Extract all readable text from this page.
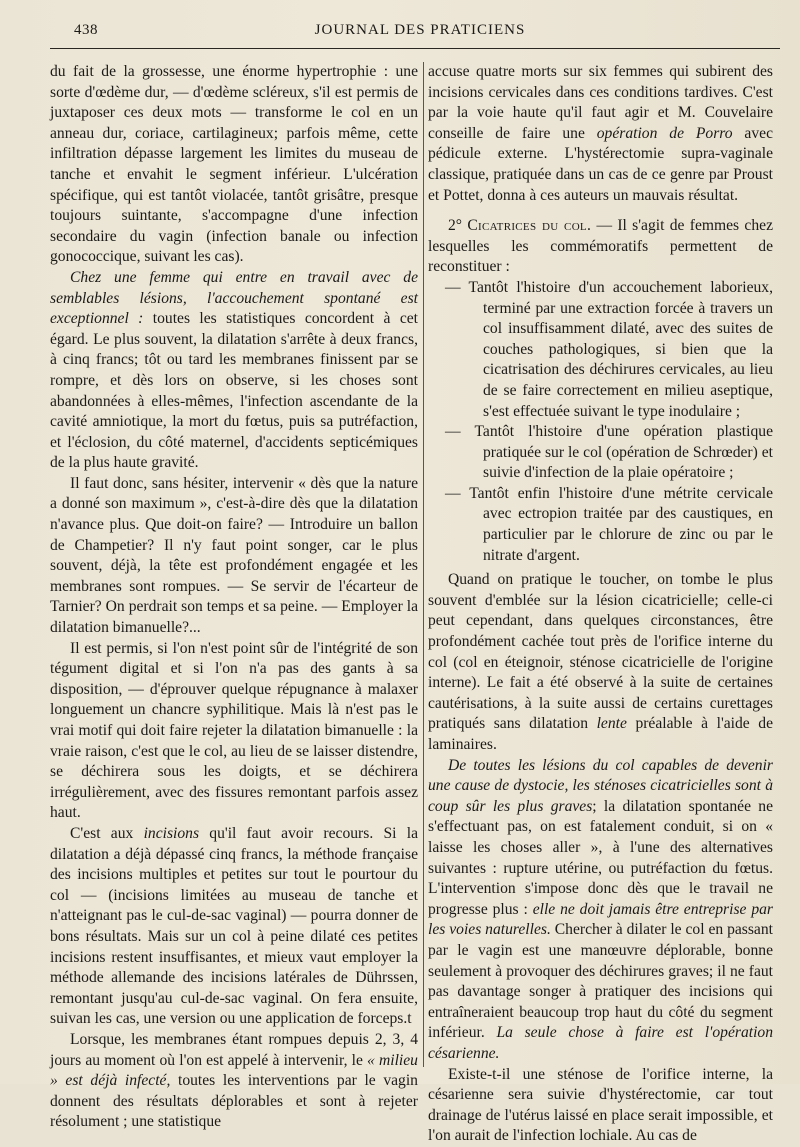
438	JOURNAL DES PRATICIENS

du fait de la grossesse, une énorme hypertrophie : une sorte d'œdème dur, — d'œdème scléreux, s'il est permis de juxtaposer ces deux mots — transforme le col en un anneau dur, coriace, cartilagineux; parfois même, cette infiltration dépasse largement les limites du museau de tanche et envahit le segment inférieur. L'ulcération spécifique, qui est tantôt violacée, tantôt grisâtre, presque toujours suintante, s'accompagne d'une infection secondaire du vagin (infection banale ou infection gonococcique, suivant les cas).

Chez une femme qui entre en travail avec de semblables lésions, l'accouchement spontané est exceptionnel : toutes les statistiques concordent à cet égard. Le plus souvent, la dilatation s'arrête à deux francs, à cinq francs; tôt ou tard les membranes finissent par se rompre, et dès lors on observe, si les choses sont abandonnées à elles-mêmes, l'infection ascendante de la cavité amniotique, la mort du fœtus, puis sa putréfaction, et l'éclosion, du côté maternel, d'accidents septicémiques de la plus haute gravité.

Il faut donc, sans hésiter, intervenir « dès que la nature a donné son maximum », c'est-à-dire dès que la dilatation n'avance plus. Que doit-on faire? — Introduire un ballon de Champetier? Il n'y faut point songer, car le plus souvent, déjà, la tête est profondément engagée et les membranes sont rompues. — Se servir de l'écarteur de Tarnier? On perdrait son temps et sa peine. — Employer la dilatation bimanuelle?...

Il est permis, si l'on n'est point sûr de l'intégrité de son tégument digital et si l'on n'a pas des gants à sa disposition, — d'éprouver quelque répugnance à malaxer longuement un chancre syphilitique. Mais là n'est pas le vrai motif qui doit faire rejeter la dilatation bimanuelle : la vraie raison, c'est que le col, au lieu de se laisser distendre, se déchirera sous les doigts, et se déchirera irrégulièrement, avec des fissures remontant parfois assez haut.

C'est aux incisions qu'il faut avoir recours. Si la dilatation a déjà dépassé cinq francs, la méthode française des incisions multiples et petites sur tout le pourtour du col — (incisions limitées au museau de tanche et n'atteignant pas le cul-de-sac vaginal) — pourra donner de bons résultats. Mais sur un col à peine dilaté ces petites incisions restent insuffisantes, et mieux vaut employer la méthode allemande des incisions latérales de Dührssen, remontant jusqu'au cul-de-sac vaginal. On fera ensuite, suivan les cas, une version ou une application de forceps.t

Lorsque, les membranes étant rompues depuis 2, 3, 4 jours au moment où l'on est appelé à intervenir, le « milieu » est déjà infecté, toutes les interventions par le vagin donnent des résultats déplorables et sont à rejeter résolument ; une statistique

accuse quatre morts sur six femmes qui subirent des incisions cervicales dans ces conditions tardives. C'est par la voie haute qu'il faut agir et M. Couvelaire conseille de faire une opération de Porro avec pédicule externe. L'hystérectomie supra-vaginale classique, pratiquée dans un cas de ce genre par Proust et Pottet, donna à ces auteurs un mauvais résultat.

2° Cicatrices du col. — Il s'agit de femmes chez lesquelles les commémoratifs permettent de reconstituer :

— Tantôt l'histoire d'un accouchement laborieux, terminé par une extraction forcée à travers un col insuffisamment dilaté, avec des suites de couches pathologiques, si bien que la cicatrisation des déchirures cervicales, au lieu de se faire correctement en milieu aseptique, s'est effectuée suivant le type inodulaire ;

— Tantôt l'histoire d'une opération plastique pratiquée sur le col (opération de Schrœder) et suivie d'infection de la plaie opératoire ;

— Tantôt enfin l'histoire d'une métrite cervicale avec ectropion traitée par des caustiques, en particulier par le chlorure de zinc ou par le nitrate d'argent.

Quand on pratique le toucher, on tombe le plus souvent d'emblée sur la lésion cicatricielle; celle-ci peut cependant, dans quelques circonstances, être profondément cachée tout près de l'orifice interne du col (col en éteignoir, sténose cicatricielle de l'origine interne). Le fait a été observé à la suite de certaines cautérisations, à la suite aussi de certains curettages pratiqués sans dilatation lente préalable à l'aide de laminaires.

De toutes les lésions du col capables de devenir une cause de dystocie, les sténoses cicatricielles sont à coup sûr les plus graves; la dilatation spontanée ne s'effectuant pas, on est fatalement conduit, si on « laisse les choses aller », à l'une des alternatives suivantes : rupture utérine, ou putréfaction du fœtus. L'intervention s'impose donc dès que le travail ne progresse plus : elle ne doit jamais être entreprise par les voies naturelles. Chercher à dilater le col en passant par le vagin est une manœuvre déplorable, bonne seulement à provoquer des déchirures graves; il ne faut pas davantage songer à pratiquer des incisions qui entraîneraient beaucoup trop haut du côté du segment inférieur. La seule chose à faire est l'opération césarienne.

Existe-t-il une sténose de l'orifice interne, la césarienne sera suivie d'hystérectomie, car tout drainage de l'utérus laissé en place serait impossible, et l'on aurait de l'infection lochiale. Au cas de
